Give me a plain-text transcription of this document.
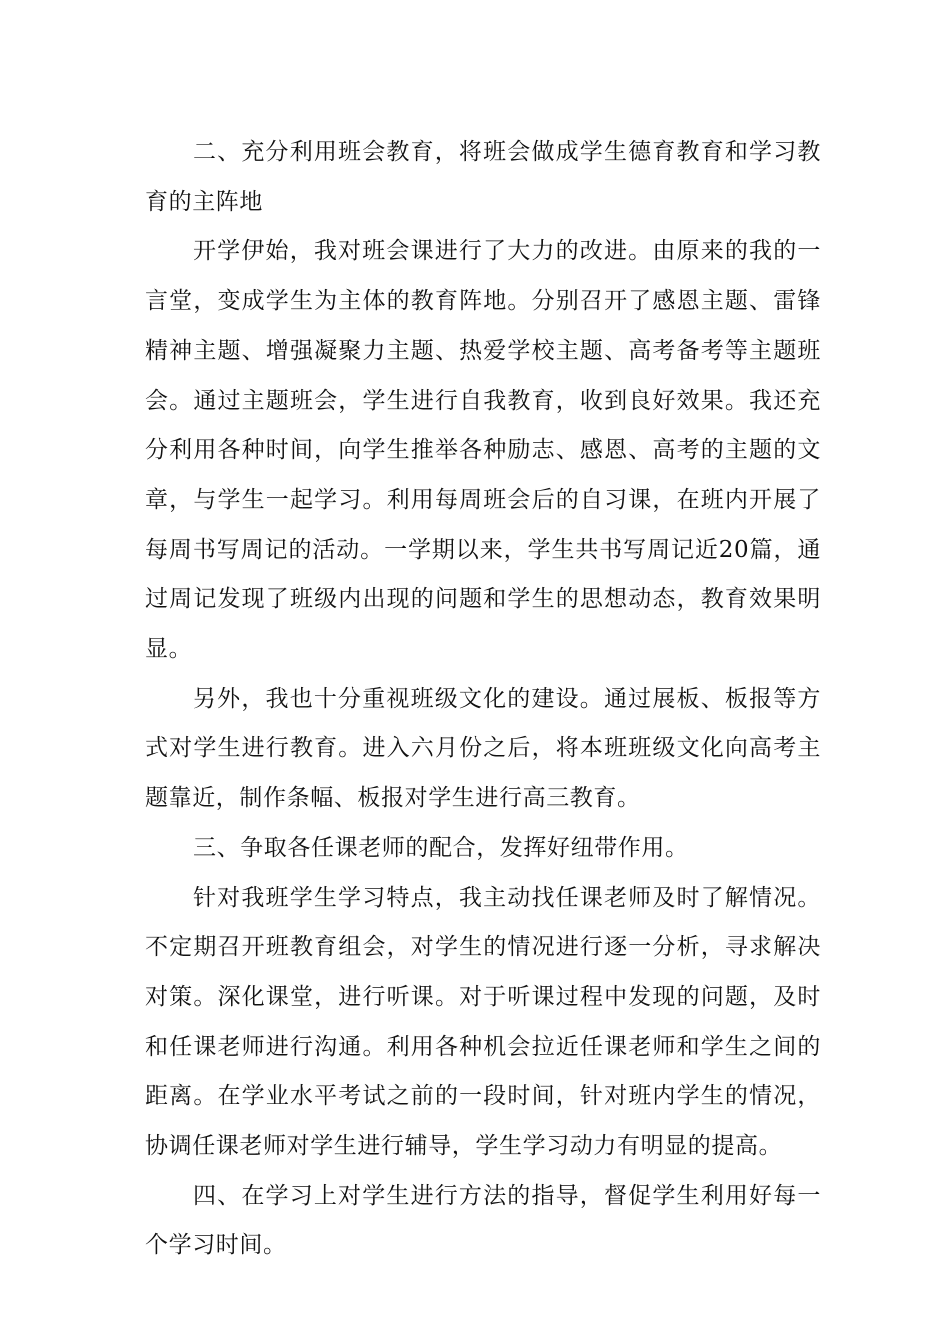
二、充分利用班会教育，将班会做成学生德育教育和学习教育的主阵地

开学伊始，我对班会课进行了大力的改进。由原来的我的一言堂，变成学生为主体的教育阵地。分别召开了感恩主题、雷锋精神主题、增强凝聚力主题、热爱学校主题、高考备考等主题班会。通过主题班会，学生进行自我教育，收到良好效果。我还充分利用各种时间，向学生推举各种励志、感恩、高考的主题的文章，与学生一起学习。利用每周班会后的自习课，在班内开展了每周书写周记的活动。一学期以来，学生共书写周记近20篇，通过周记发现了班级内出现的问题和学生的思想动态，教育效果明显。

另外，我也十分重视班级文化的建设。通过展板、板报等方式对学生进行教育。进入六月份之后，将本班班级文化向高考主题靠近，制作条幅、板报对学生进行高三教育。

三、争取各任课老师的配合，发挥好纽带作用。

针对我班学生学习特点，我主动找任课老师及时了解情况。不定期召开班教育组会，对学生的情况进行逐一分析，寻求解决对策。深化课堂，进行听课。对于听课过程中发现的问题，及时和任课老师进行沟通。利用各种机会拉近任课老师和学生之间的距离。在学业水平考试之前的一段时间，针对班内学生的情况，协调任课老师对学生进行辅导，学生学习动力有明显的提高。

四、在学习上对学生进行方法的指导，督促学生利用好每一个学习时间。
